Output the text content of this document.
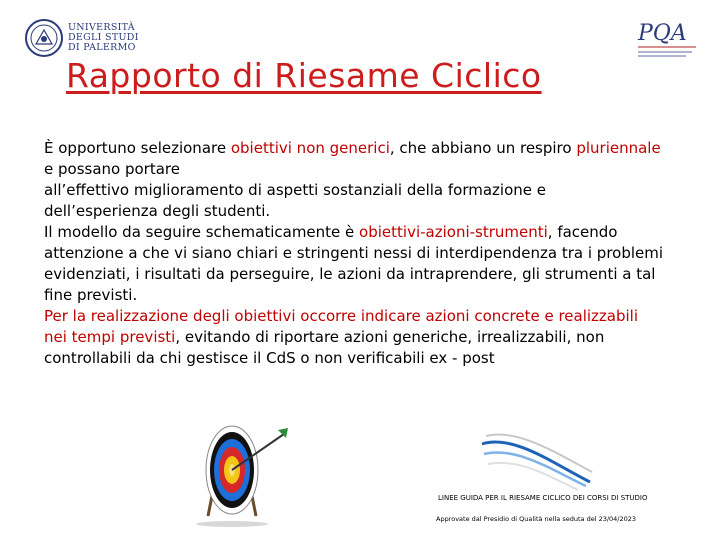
UNIVERSITÀ
DEGLI STUDI
DI PALERMO
PQA
Rapporto di Riesame Ciclico

È opportuno selezionare obiettivi non generici, che abbiano un respiro pluriennale e possano portare

all’effettivo miglioramento di aspetti sostanziali della formazione e dell’esperienza degli studenti.

Il modello da seguire schematicamente è obiettivi-azioni-strumenti, facendo attenzione a che vi siano chiari e stringenti nessi di interdipendenza tra i problemi evidenziati, i risultati da perseguire, le azioni da intraprendere, gli strumenti a tal fine previsti.

Per la realizzazione degli obiettivi occorre indicare azioni concrete e realizzabili nei tempi previsti, evitando di riportare azioni generiche, irrealizzabili, non controllabili da chi gestisce il CdS o non verificabili ex - post

LINEE GUIDA PER IL RIESAME CICLICO DEI CORSI DI STUDIO
Approvate dal Presidio di Qualità nella seduta del 23/04/2023
